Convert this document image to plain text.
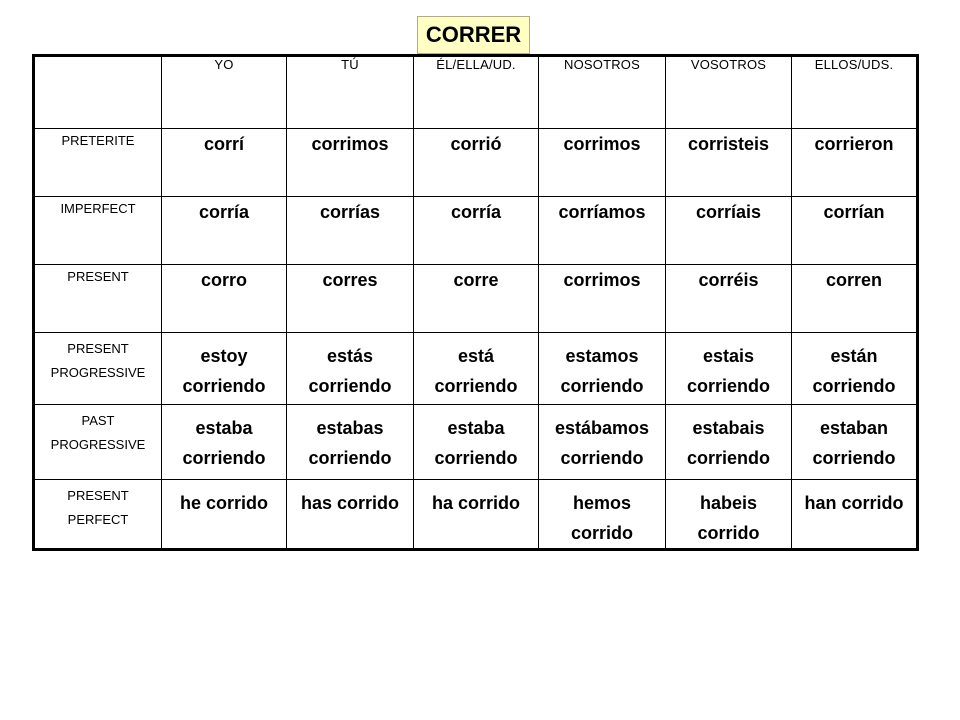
CORRER
	YO	TÚ	ÉL/ELLA/UD.	NOSOTROS	VOSOTROS	ELLOS/UDS.
PRETERITE	corrí	corrimos	corrió	corrimos	corristeis	corrieron
IMPERFECT	corría	corrías	corría	corríamos	corríais	corrían
PRESENT	corro	corres	corre	corrimos	corréis	corren
PRESENT PROGRESSIVE	estoy corriendo	estás corriendo	está corriendo	estamos corriendo	estais corriendo	están corriendo
PAST PROGRESSIVE	estaba corriendo	estabas corriendo	estaba corriendo	estábamos corriendo	estabais corriendo	estaban corriendo
PRESENT PERFECT	he corrido	has corrido	ha corrido	hemos corrido	habeis corrido	han corrido
